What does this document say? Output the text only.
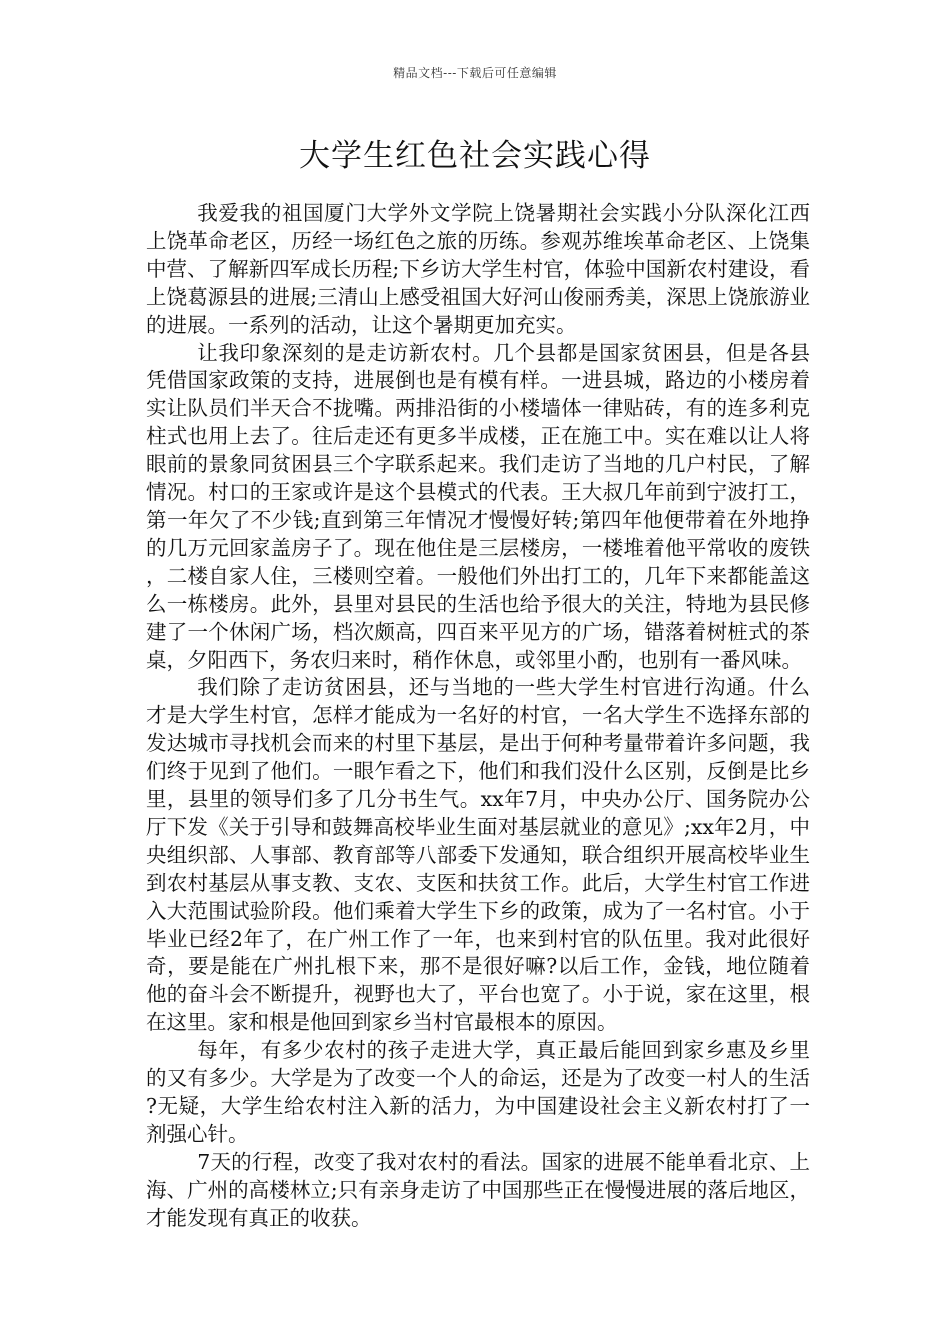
精品文档---下载后可任意编辑
大学生红色社会实践心得

我爱我的祖国厦门大学外文学院上饶暑期社会实践小分队深化江西上饶革命老区，历经一场红色之旅的历练。参观苏维埃革命老区、上饶集中营、了解新四军成长历程;下乡访大学生村官，体验中国新农村建设，看上饶葛源县的进展;三清山上感受祖国大好河山俊丽秀美，深思上饶旅游业的进展。一系列的活动，让这个暑期更加充实。

让我印象深刻的是走访新农村。几个县都是国家贫困县，但是各县凭借国家政策的支持，进展倒也是有模有样。一进县城，路边的小楼房着实让队员们半天合不拢嘴。两排沿街的小楼墙体一律贴砖，有的连多利克柱式也用上去了。往后走还有更多半成楼，正在施工中。实在难以让人将眼前的景象同贫困县三个字联系起来。我们走访了当地的几户村民，了解情况。村口的王家或许是这个县模式的代表。王大叔几年前到宁波打工，第一年欠了不少钱;直到第三年情况才慢慢好转;第四年他便带着在外地挣的几万元回家盖房子了。现在他住是三层楼房，一楼堆着他平常收的废铁，二楼自家人住，三楼则空着。一般他们外出打工的，几年下来都能盖这么一栋楼房。此外，县里对县民的生活也给予很大的关注，特地为县民修建了一个休闲广场，档次颇高，四百来平见方的广场，错落着树桩式的茶桌，夕阳西下，务农归来时，稍作休息，或邻里小酌，也别有一番风味。

我们除了走访贫困县，还与当地的一些大学生村官进行沟通。什么才是大学生村官，怎样才能成为一名好的村官，一名大学生不选择东部的发达城市寻找机会而来的村里下基层，是出于何种考量带着许多问题，我们终于见到了他们。一眼乍看之下，他们和我们没什么区别，反倒是比乡里，县里的领导们多了几分书生气。xx年7月，中央办公厅、国务院办公厅下发《关于引导和鼓舞高校毕业生面对基层就业的意见》;xx年2月，中央组织部、人事部、教育部等八部委下发通知，联合组织开展高校毕业生到农村基层从事支教、支农、支医和扶贫工作。此后，大学生村官工作进入大范围试验阶段。他们乘着大学生下乡的政策，成为了一名村官。小于毕业已经2年了，在广州工作了一年，也来到村官的队伍里。我对此很好奇，要是能在广州扎根下来，那不是很好嘛?以后工作，金钱，地位随着他的奋斗会不断提升，视野也大了，平台也宽了。小于说，家在这里，根在这里。家和根是他回到家乡当村官最根本的原因。

每年，有多少农村的孩子走进大学，真正最后能回到家乡惠及乡里的又有多少。大学是为了改变一个人的命运，还是为了改变一村人的生活?无疑，大学生给农村注入新的活力，为中国建设社会主义新农村打了一剂强心针。

7天的行程，改变了我对农村的看法。国家的进展不能单看北京、上海、广州的高楼林立;只有亲身走访了中国那些正在慢慢进展的落后地区，才能发现有真正的收获。
